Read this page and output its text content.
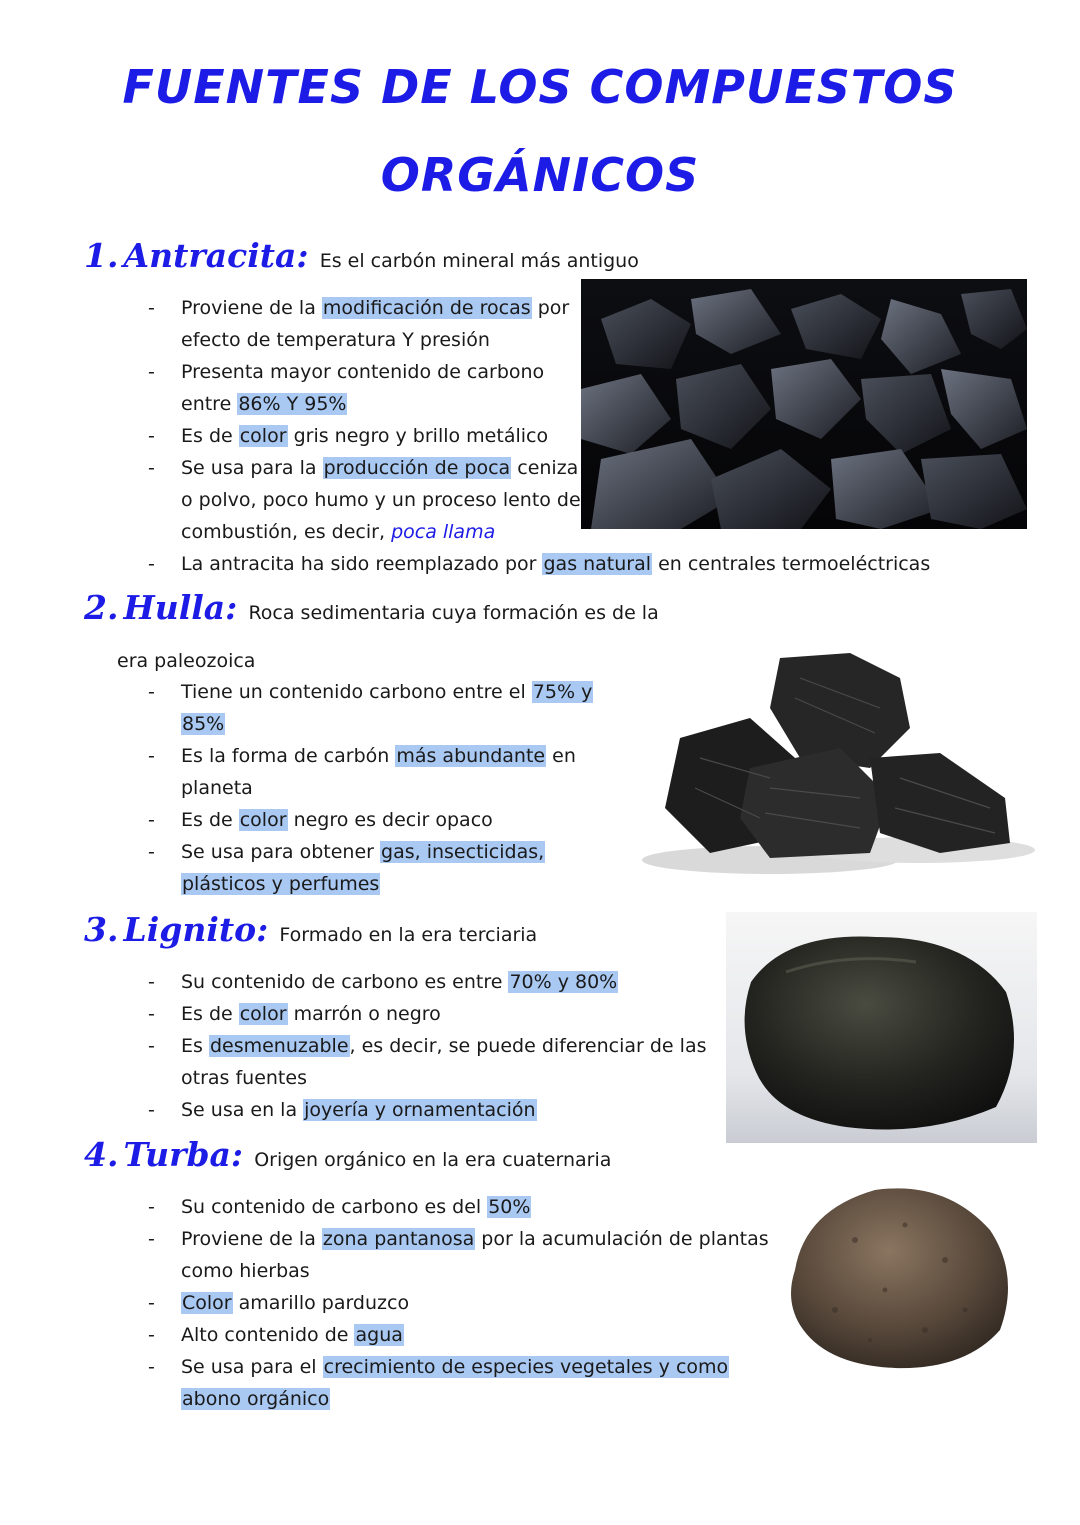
FUENTES DE LOS COMPUESTOS
ORGÁNICOS
1. Antracita: Es el carbón mineral más antiguo
- Proviene de la modificación de rocas por
efecto de temperatura Y presión
- Presenta mayor contenido de carbono
entre 86% Y 95%
- Es de color gris negro y brillo metálico
- Se usa para la producción de poca ceniza
o polvo, poco humo y un proceso lento de
combustión, es decir, poca llama
- La antracita ha sido reemplazado por gas natural en centrales termoeléctricas
2. Hulla: Roca sedimentaria cuya formación es de la
era paleozoica
- Tiene un contenido carbono entre el 75% y
85%
- Es la forma de carbón más abundante en
planeta
- Es de color negro es decir opaco
- Se usa para obtener gas, insecticidas,
plásticos y perfumes
3. Lignito: Formado en la era terciaria
- Su contenido de carbono es entre 70% y 80%
- Es de color marrón o negro
- Es desmenuzable, es decir, se puede diferenciar de las
otras fuentes
- Se usa en la joyería y ornamentación
4. Turba: Origen orgánico en la era cuaternaria
- Su contenido de carbono es del 50%
- Proviene de la zona pantanosa por la acumulación de plantas
como hierbas
- Color amarillo parduzco
- Alto contenido de agua
- Se usa para el crecimiento de especies vegetales y como
abono orgánico
